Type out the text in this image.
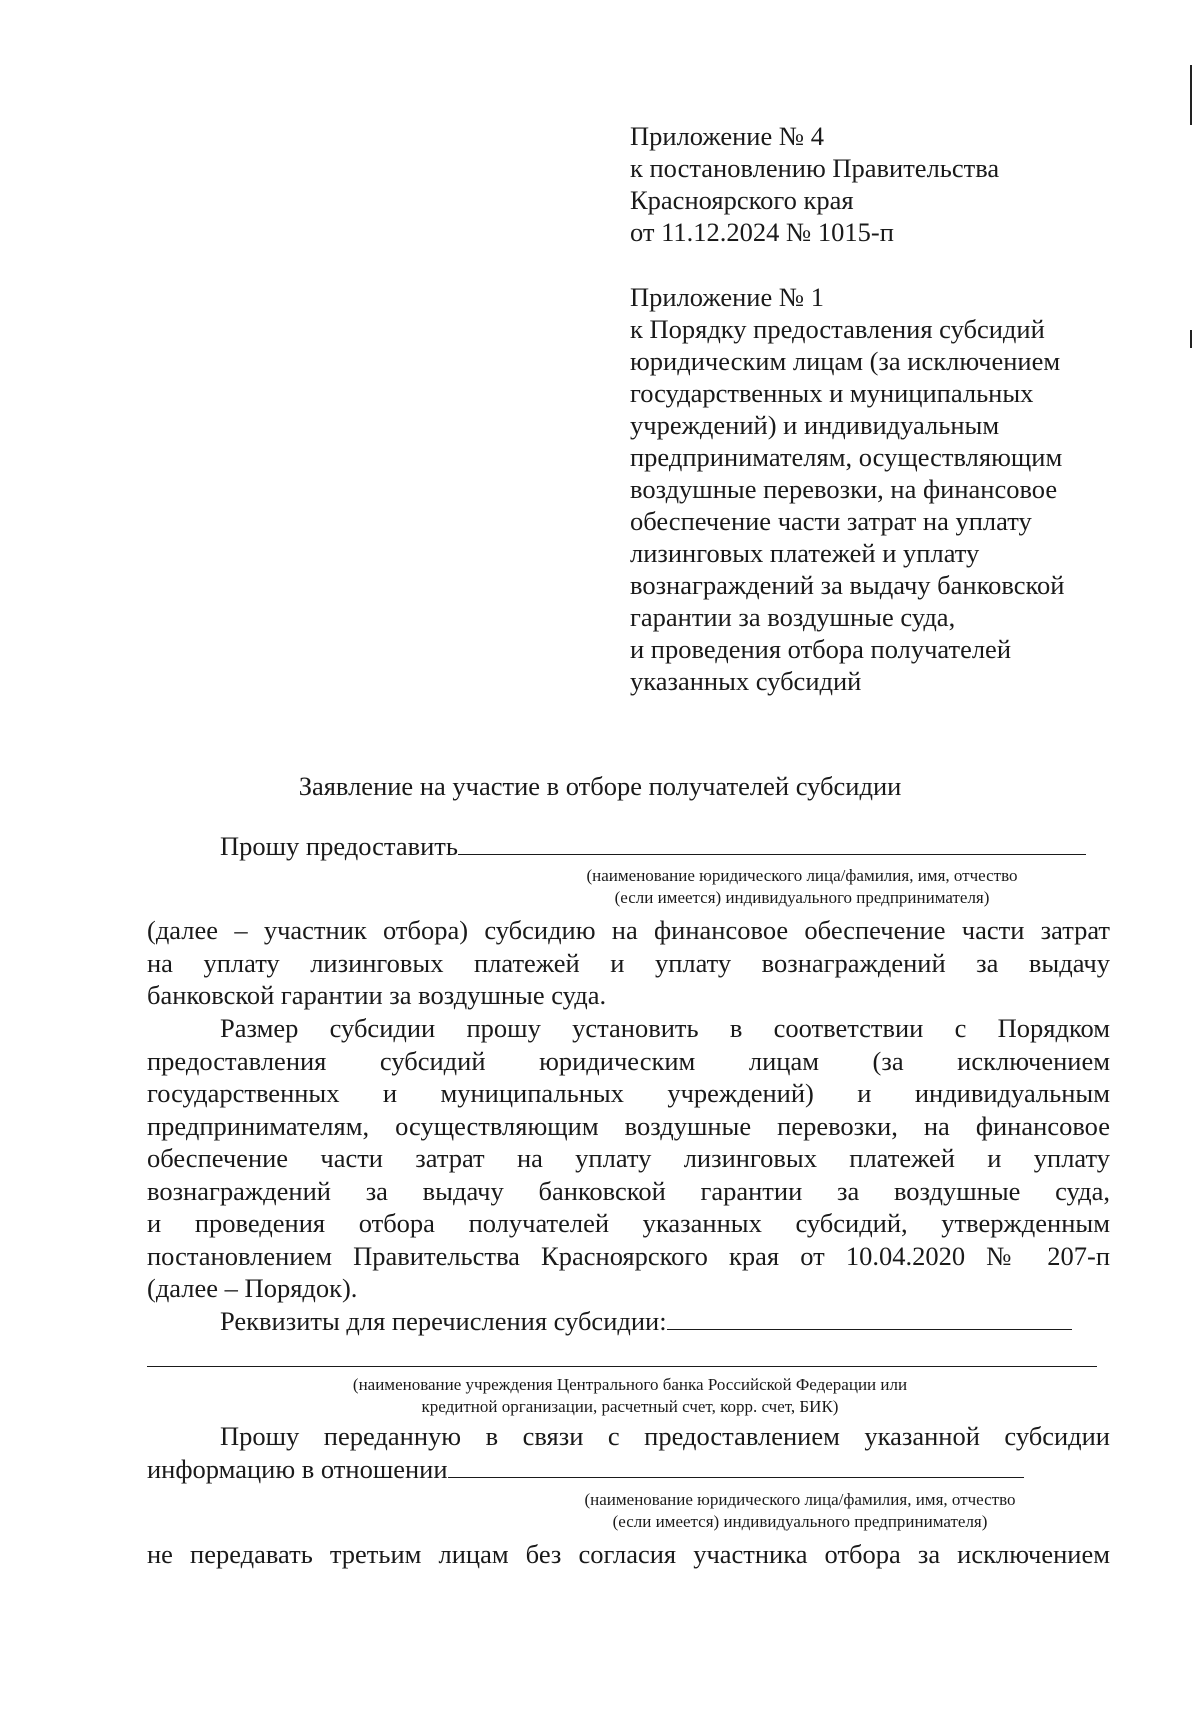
Приложение № 4
к постановлению Правительства
Красноярского края
от 11.12.2024 № 1015-п
Приложение № 1
к Порядку предоставления субсидий
юридическим лицам (за исключением
государственных и муниципальных
учреждений) и индивидуальным
предпринимателям, осуществляющим
воздушные перевозки, на финансовое
обеспечение части затрат на уплату
лизинговых платежей и уплату
вознаграждений за выдачу банковской
гарантии за воздушные суда,
и проведения отбора получателей
указанных субсидий
Заявление на участие в отборе получателей субсидии
Прошу предоставить
(наименование юридического лица/фамилия, имя, отчество
(если имеется) индивидуального предпринимателя)
(далее – участник отбора) субсидию на финансовое обеспечение части затрат
на уплату лизинговых платежей и уплату вознаграждений за выдачу
банковской гарантии за воздушные суда.
Размер субсидии прошу установить в соответствии с Порядком
предоставления субсидий юридическим лицам (за исключением
государственных и муниципальных учреждений) и индивидуальным
предпринимателям, осуществляющим воздушные перевозки, на финансовое
обеспечение части затрат на уплату лизинговых платежей и уплату
вознаграждений за выдачу банковской гарантии за воздушные суда,
и проведения отбора получателей указанных субсидий, утвержденным
постановлением Правительства Красноярского края от 10.04.2020 № 207-п
(далее – Порядок).
Реквизиты для перечисления субсидии:
(наименование учреждения Центрального банка Российской Федерации или
кредитной организации, расчетный счет, корр. счет, БИК)
Прошу переданную в связи с предоставлением указанной субсидии
информацию в отношении
(наименование юридического лица/фамилия, имя, отчество
(если имеется) индивидуального предпринимателя)
не передавать третьим лицам без согласия участника отбора за исключением
